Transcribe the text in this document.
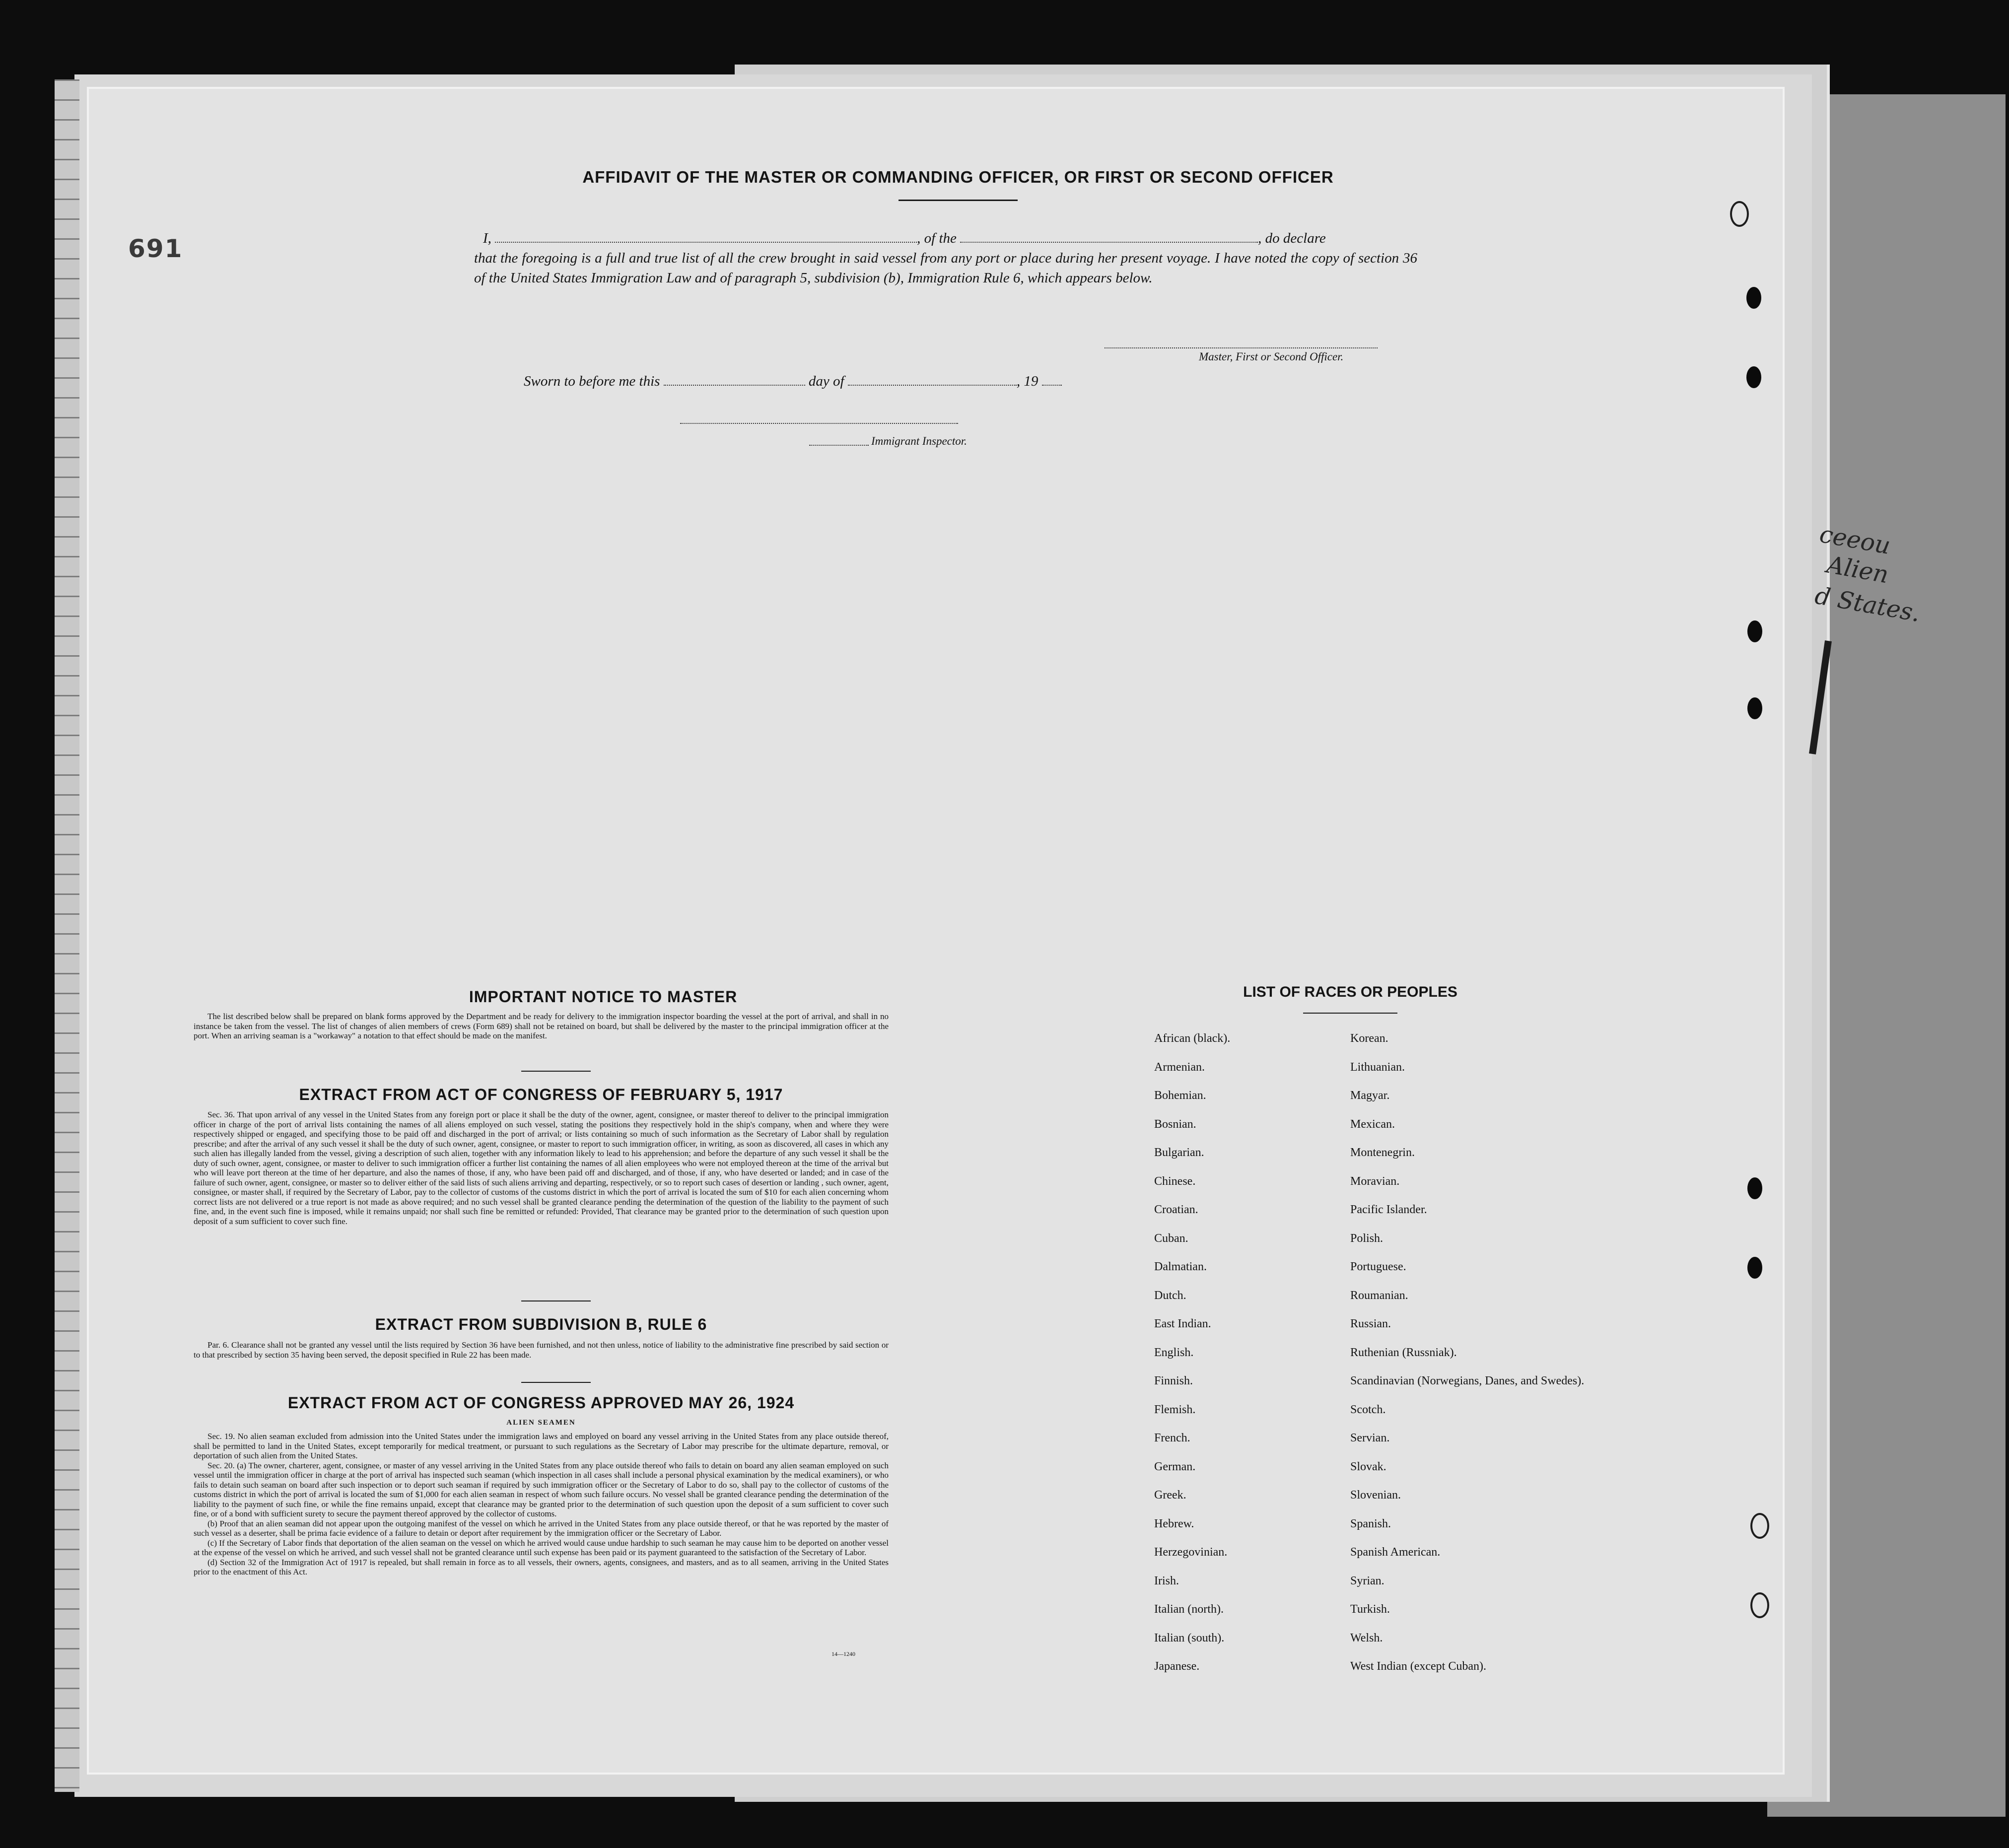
ceeou
Alien
d States.
691
AFFIDAVIT OF THE MASTER OR COMMANDING OFFICER, OR FIRST OR SECOND OFFICER
I,	, of the	, do declare
that the foregoing is a full and true list of all the crew brought in said vessel from any port or place during her present voyage. I have noted the copy of section 36 of the United States Immigration Law and of paragraph 5, subdivision (b), Immigration Rule 6, which appears below.
Master, First or Second Officer.
Sworn to before me this	day of	, 19
Immigrant Inspector.
IMPORTANT NOTICE TO MASTER

The list described below shall be prepared on blank forms approved by the Department and be ready for delivery to the immigration inspector boarding the vessel at the port of arrival, and shall in no instance be taken from the vessel. The list of changes of alien members of crews (Form 689) shall not be retained on board, but shall be delivered by the master to the principal immigration officer at the port. When an arriving seaman is a "workaway" a notation to that effect should be made on the manifest.

EXTRACT FROM ACT OF CONGRESS OF FEBRUARY 5, 1917

Sec. 36. That upon arrival of any vessel in the United States from any foreign port or place it shall be the duty of the owner, agent, consignee, or master thereof to deliver to the principal immigration officer in charge of the port of arrival lists containing the names of all aliens employed on such vessel, stating the positions they respectively hold in the ship's company, when and where they were respectively shipped or engaged, and specifying those to be paid off and discharged in the port of arrival; or lists containing so much of such information as the Secretary of Labor shall by regulation prescribe; and after the arrival of any such vessel it shall be the duty of such owner, agent, consignee, or master to report to such immigration officer, in writing, as soon as discovered, all cases in which any such alien has illegally landed from the vessel, giving a description of such alien, together with any information likely to lead to his apprehension; and before the departure of any such vessel it shall be the duty of such owner, agent, consignee, or master to deliver to such immigration officer a further list containing the names of all alien employees who were not employed thereon at the time of the arrival but who will leave port thereon at the time of her departure, and also the names of those, if any, who have been paid off and discharged, and of those, if any, who have deserted or landed; and in case of the failure of such owner, agent, consignee, or master so to deliver either of the said lists of such aliens arriving and departing, respectively, or so to report such cases of desertion or landing , such owner, agent, consignee, or master shall, if required by the Secretary of Labor, pay to the collector of customs of the customs district in which the port of arrival is located the sum of $10 for each alien concerning whom correct lists are not delivered or a true report is not made as above required; and no such vessel shall be granted clearance pending the determination of the question of the liability to the payment of such fine, and, in the event such fine is imposed, while it remains unpaid; nor shall such fine be remitted or refunded: Provided, That clearance may be granted prior to the determination of such question upon deposit of a sum sufficient to cover such fine.

EXTRACT FROM SUBDIVISION B, RULE 6

Par. 6. Clearance shall not be granted any vessel until the lists required by Section 36 have been furnished, and not then unless, notice of liability to the administrative fine prescribed by said section or to that prescribed by section 35 having been served, the deposit specified in Rule 22 has been made.

EXTRACT FROM ACT OF CONGRESS APPROVED MAY 26, 1924
ALIEN SEAMEN

Sec. 19. No alien seaman excluded from admission into the United States under the immigration laws and employed on board any vessel arriving in the United States from any place outside thereof, shall be permitted to land in the United States, except temporarily for medical treatment, or pursuant to such regulations as the Secretary of Labor may prescribe for the ultimate departure, removal, or deportation of such alien from the United States.

Sec. 20. (a) The owner, charterer, agent, consignee, or master of any vessel arriving in the United States from any place outside thereof who fails to detain on board any alien seaman employed on such vessel until the immigration officer in charge at the port of arrival has inspected such seaman (which inspection in all cases shall include a personal physical examination by the medical examiners), or who fails to detain such seaman on board after such inspection or to deport such seaman if required by such immigration officer or the Secretary of Labor to do so, shall pay to the collector of customs of the customs district in which the port of arrival is located the sum of $1,000 for each alien seaman in respect of whom such failure occurs. No vessel shall be granted clearance pending the determination of the liability to the payment of such fine, or while the fine remains unpaid, except that clearance may be granted prior to the determination of such question upon the deposit of a sum sufficient to cover such fine, or of a bond with sufficient surety to secure the payment thereof approved by the collector of customs.

(b) Proof that an alien seaman did not appear upon the outgoing manifest of the vessel on which he arrived in the United States from any place outside thereof, or that he was reported by the master of such vessel as a deserter, shall be prima facie evidence of a failure to detain or deport after requirement by the immigration officer or the Secretary of Labor.

(c) If the Secretary of Labor finds that deportation of the alien seaman on the vessel on which he arrived would cause undue hardship to such seaman he may cause him to be deported on another vessel at the expense of the vessel on which he arrived, and such vessel shall not be granted clearance until such expense has been paid or its payment guaranteed to the satisfaction of the Secretary of Labor.

(d) Section 32 of the Immigration Act of 1917 is repealed, but shall remain in force as to all vessels, their owners, agents, consignees, and masters, and as to all seamen, arriving in the United States prior to the enactment of this Act.

14—1240
LIST OF RACES OR PEOPLES
African (black).
Armenian.
Bohemian.
Bosnian.
Bulgarian.
Chinese.
Croatian.
Cuban.
Dalmatian.
Dutch.
East Indian.
English.
Finnish.
Flemish.
French.
German.
Greek.
Hebrew.
Herzegovinian.
Irish.
Italian (north).
Italian (south).
Japanese.
Korean.
Lithuanian.
Magyar.
Mexican.
Montenegrin.
Moravian.
Pacific Islander.
Polish.
Portuguese.
Roumanian.
Russian.
Ruthenian (Russniak).
Scandinavian (Norwegians, Danes, and Swedes).
Scotch.
Servian.
Slovak.
Slovenian.
Spanish.
Spanish American.
Syrian.
Turkish.
Welsh.
West Indian (except Cuban).
